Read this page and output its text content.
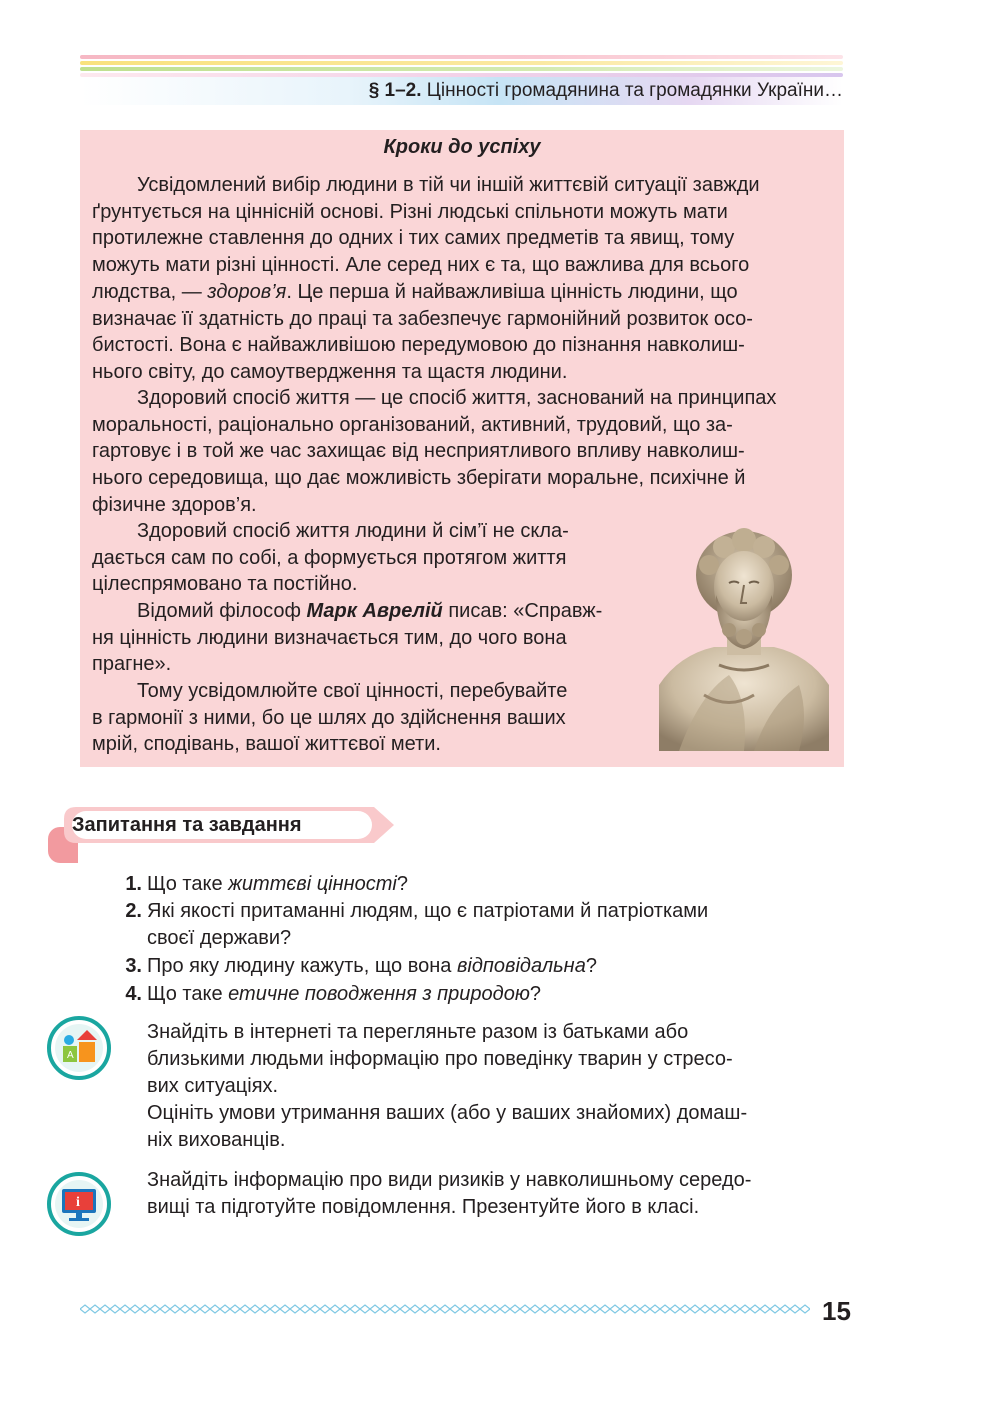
§ 1–2. Цінності громадянина та громадянки України…
Кроки до успіху
Усвідомлений вибір людини в тій чи іншій життєвій ситуації завжди
ґрунтується на ціннісній основі. Різні людські спільноти можуть мати
протилежне ставлення до одних і тих самих предметів та явищ, тому
можуть мати різні цінності. Але серед них є та, що важлива для всього
людства, — здоров’я. Це перша й найважливіша цінність людини, що
визначає її здатність до праці та забезпечує гармонійний розвиток осо-
бистості. Вона є найважливішою передумовою до пізнання навколиш-
нього світу, до самоутвердження та щастя людини.
Здоровий спосіб життя — це спосіб життя, заснований на принципах
моральності, раціонально організований, активний, трудовий, що за-
гартовує і в той же час захищає від несприятливого впливу навколиш-
нього середовища, що дає можливість зберігати моральне, психічне й
фізичне здоров’я.
Здоровий спосіб життя людини й сім’ї не скла-
дається сам по собі, а формується протягом життя
цілеспрямовано та постійно.
Відомий філософ Марк Аврелій писав: «Справж-
ня цінність людини визначається тим, до чого вона
прагне».
Тому усвідомлюйте свої цінності, перебувайте
в гармонії з ними, бо це шлях до здійснення ваших
мрій, сподівань, вашої життєвої мети.
Запитання та завдання
1. Що таке життєві цінності?
2. Які якості притаманні людям, що є патріотами й патріотками
своєї держави?
3. Про яку людину кажуть, що вона відповідальна?
4. Що таке етичне поводження з природою?
A
Знайдіть в інтернеті та перегляньте разом із батьками або
близькими людьми інформацію про поведінку тварин у стресо-
вих ситуаціях.
Оцініть умови утримання ваших (або у ваших знайомих) домаш-
ніх вихованців.
i
Знайдіть інформацію про види ризиків у навколишньому середо-
вищі та підготуйте повідомлення. Презентуйте його в класі.
15
